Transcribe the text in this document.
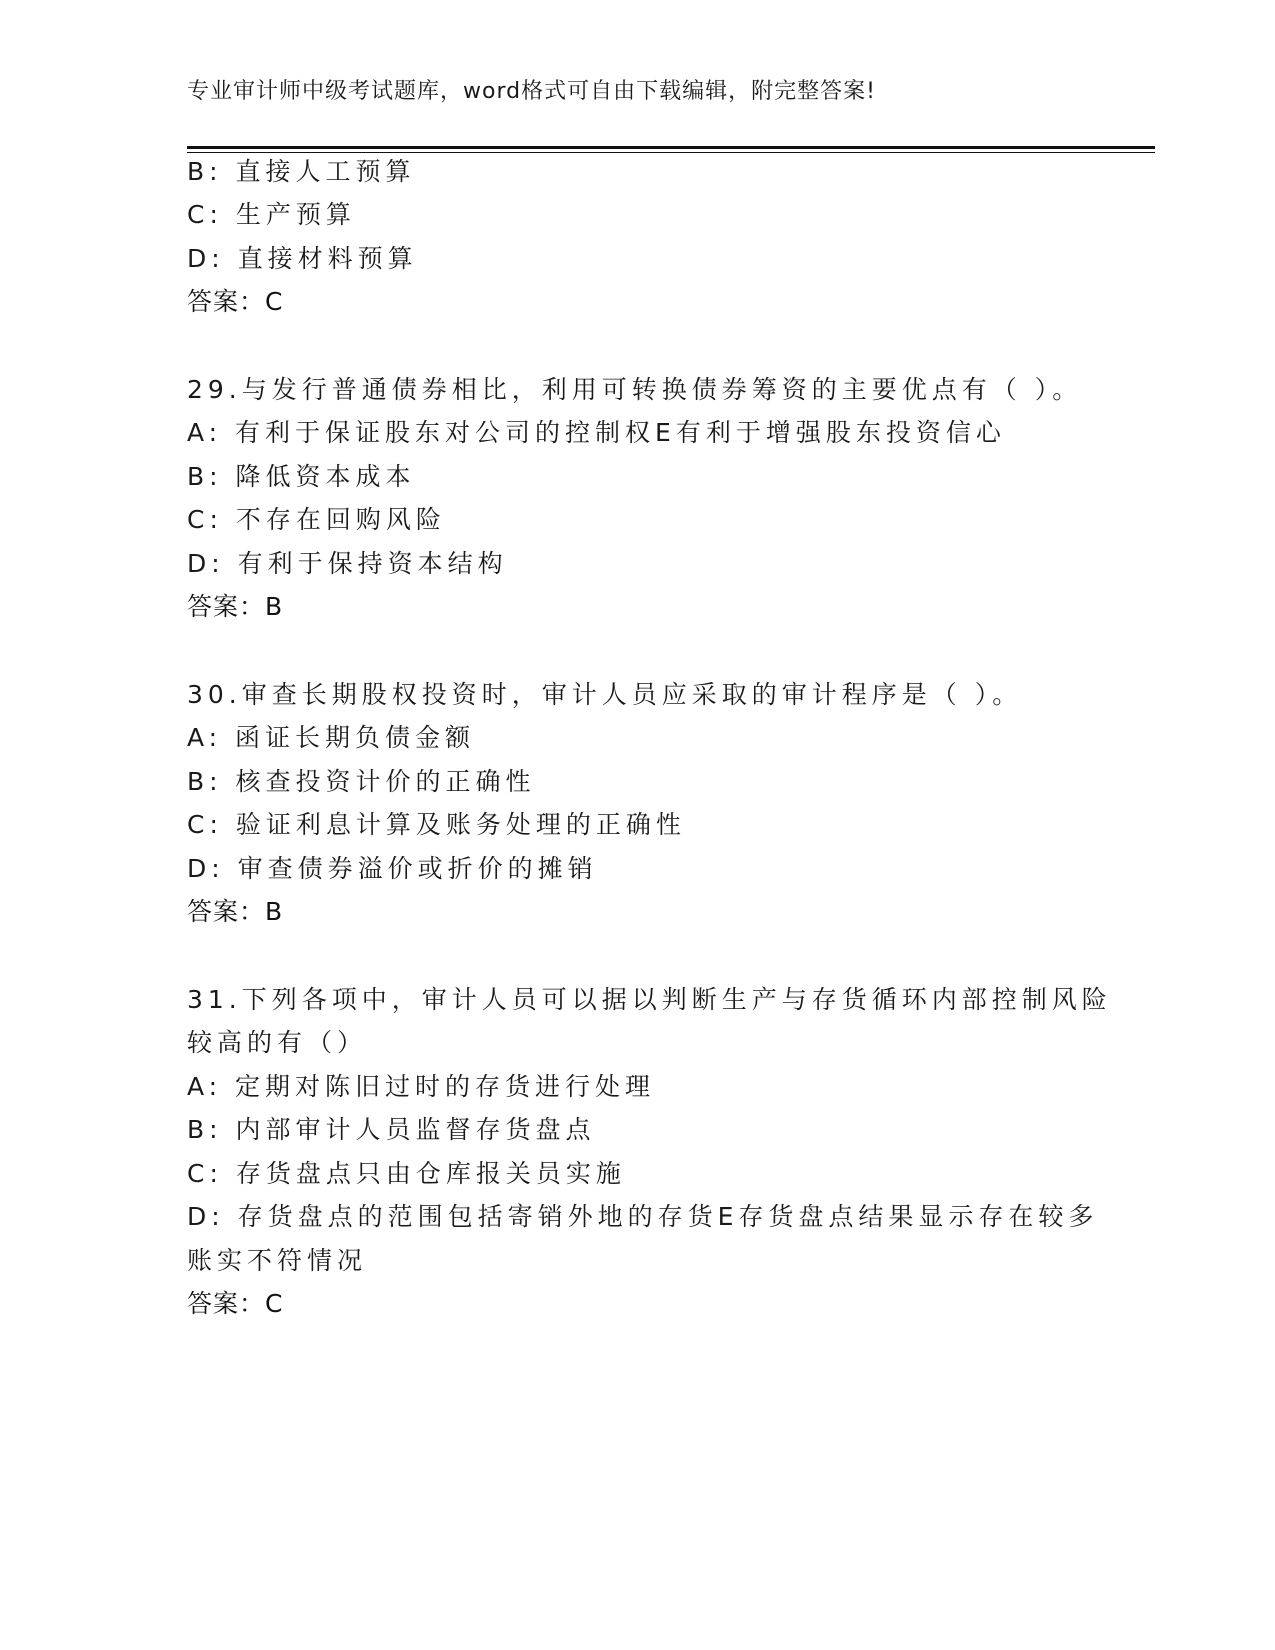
专业审计师中级考试题库，word格式可自由下载编辑，附完整答案!
B: 直接人工预算
C: 生产预算
D: 直接材料预算
答案：C
29.与发行普通债券相比，利用可转换债券筹资的主要优点有（ ）。
A: 有利于保证股东对公司的控制权E有利于增强股东投资信心
B: 降低资本成本
C: 不存在回购风险
D: 有利于保持资本结构
答案：B
30.审查长期股权投资时，审计人员应采取的审计程序是（ ）。
A: 函证长期负债金额
B: 核查投资计价的正确性
C: 验证利息计算及账务处理的正确性
D: 审查债券溢价或折价的摊销
答案：B
31.下列各项中，审计人员可以据以判断生产与存货循环内部控制风险
较高的有（）
A: 定期对陈旧过时的存货进行处理
B: 内部审计人员监督存货盘点
C: 存货盘点只由仓库报关员实施
D: 存货盘点的范围包括寄销外地的存货E存货盘点结果显示存在较多
账实不符情况
答案：C
